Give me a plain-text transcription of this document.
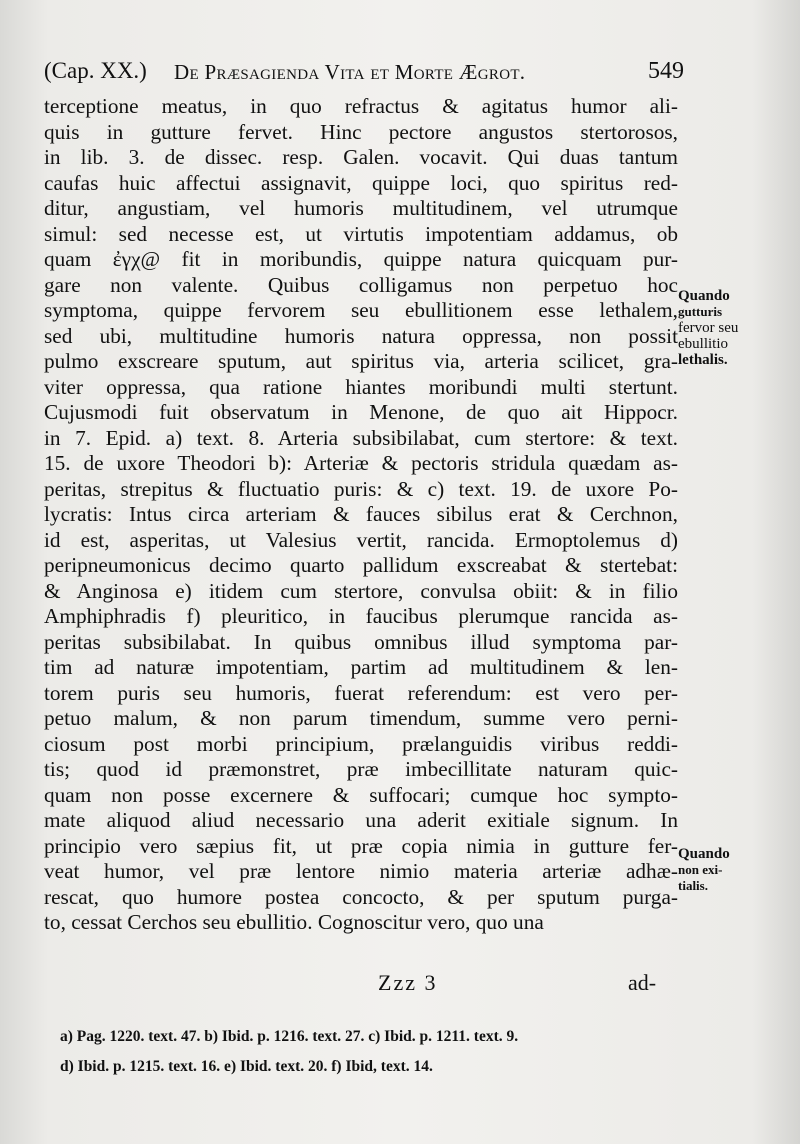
(Cap. XX.) De Præsagienda Vita et Morte Ægrot.	549
terceptione meatus, in quo refractus & agitatus humor ali-
quis in gutture fervet. Hinc pectore angustos stertorosos,
in lib. 3. de dissec. resp. Galen. vocavit. Qui duas tantum
caufas huic affectui assignavit, quippe loci, quo spiritus red-
ditur, angustiam, vel humoris multitudinem, vel utrumque
simul: sed necesse est, ut virtutis impotentiam addamus, ob
quam ἐγχ@ fit in moribundis, quippe natura quicquam pur-
gare non valente. Quibus colligamus non perpetuo hoc
symptoma, quippe fervorem seu ebullitionem esse lethalem,
sed ubi, multitudine humoris natura oppressa, non possit
pulmo exscreare sputum, aut spiritus via, arteria scilicet, gra-
viter oppressa, qua ratione hiantes moribundi multi stertunt.
Cujusmodi fuit observatum in Menone, de quo ait Hippocr.
in 7. Epid. a) text. 8. Arteria subsibilabat, cum stertore: & text.
15. de uxore Theodori b): Arteriæ & pectoris stridula quædam as-
peritas, strepitus & fluctuatio puris: & c) text. 19. de uxore Po-
lycratis: Intus circa arteriam & fauces sibilus erat & Cerchnon,
id est, asperitas, ut Valesius vertit, rancida. Ermoptolemus d)
peripneumonicus decimo quarto pallidum exscreabat & stertebat:
& Anginosa e) itidem cum stertore, convulsa obiit: & in filio
Amphiphradis f) pleuritico, in faucibus plerumque rancida as-
peritas subsibilabat. In quibus omnibus illud symptoma par-
tim ad naturæ impotentiam, partim ad multitudinem & len-
torem puris seu humoris, fuerat referendum: est vero per-
petuo malum, & non parum timendum, summe vero perni-
ciosum post morbi principium, prælanguidis viribus reddi-
tis; quod id præmonstret, præ imbecillitate naturam quic-
quam non posse excernere & suffocari; cumque hoc sympto-
mate aliquod aliud necessario una aderit exitiale signum. In
principio vero sæpius fit, ut præ copia nimia in gutture fer-
veat humor, vel præ lentore nimio materia arteriæ adhæ-
rescat, quo humore postea concocto, & per sputum purga-
to, cessat Cerchos seu ebullitio. Cognoscitur vero, quo una
Quando
gutturis
fervor seu
ebullitio
lethalis.
Quando
non exi-
tialis.
Zzz 3	ad-
a) Pag. 1220. text. 47. b) Ibid. p. 1216. text. 27. c) Ibid. p. 1211. text. 9.
d) Ibid. p. 1215. text. 16. e) Ibid. text. 20. f) Ibid, text. 14.
